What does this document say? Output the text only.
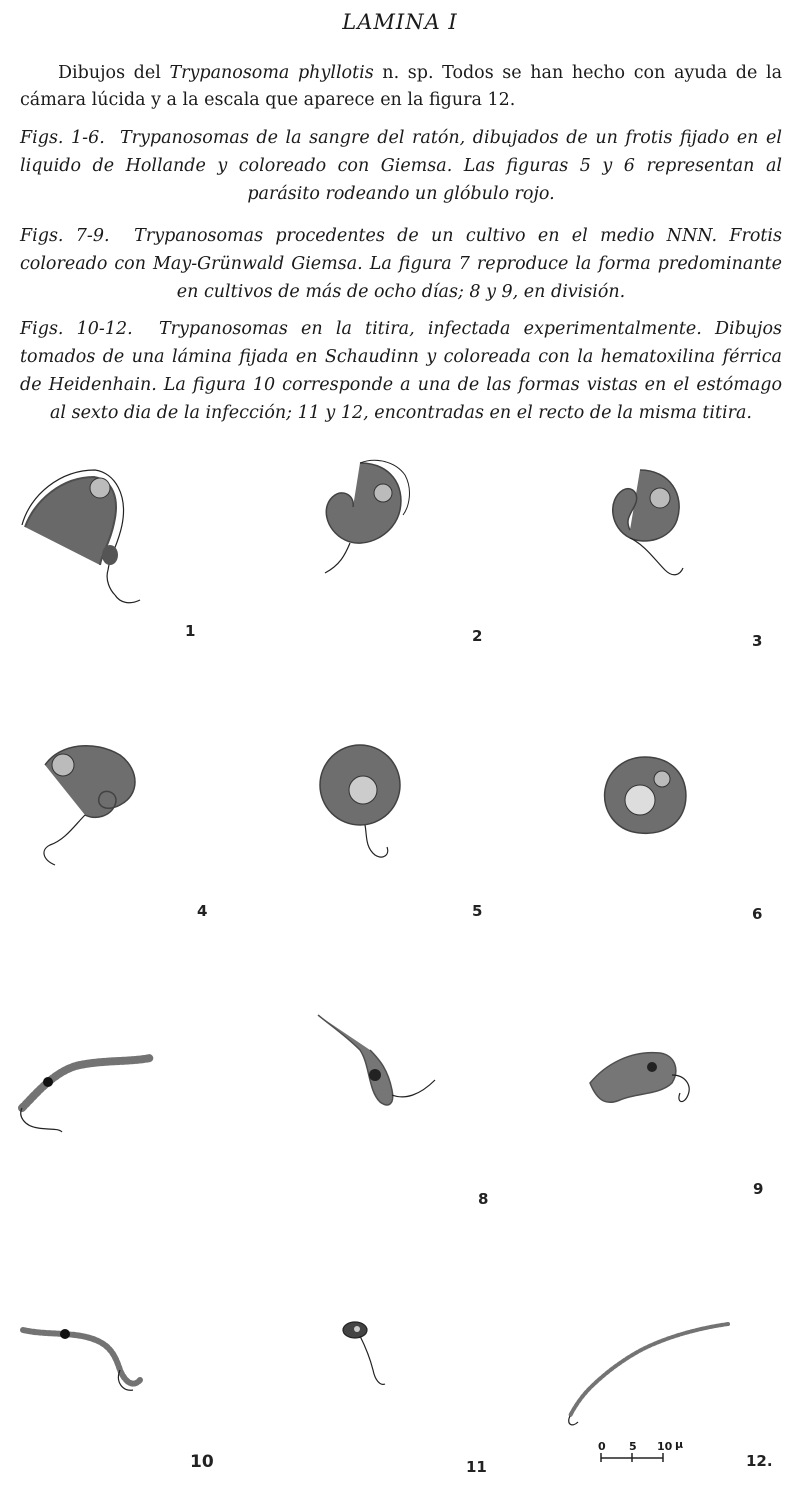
LAMINA I
Dibujos del Trypanosoma phyllotis n. sp. Todos se han hecho con ayuda de la cámara lúcida y a la escala que aparece en la figura 12.
Figs. 1-6. Trypanosomas de la sangre del ratón, dibujados de un frotis fijado en el liquido de Hollande y coloreado con Giemsa. Las figuras 5 y 6 representan al parásito rodeando un glóbulo rojo.
Figs. 7-9. Trypanosomas procedentes de un cultivo en el medio NNN. Frotis coloreado con May-Grünwald Giemsa. La figura 7 reproduce la forma predominante en cultivos de más de ocho días; 8 y 9, en división.
Figs. 10-12. Trypanosomas en la titira, infectada experimentalmente. Dibujos tomados de una lámina fijada en Schaudinn y coloreada con la hematoxilina férrica de Heidenhain. La figura 10 corresponde a una de las formas vistas en el estómago al sexto dia de la infección; 11 y 12, encontradas en el recto de la misma titira.
1	2	3
4	5	6
8
9
10	11	12.
0 5 10 μ
